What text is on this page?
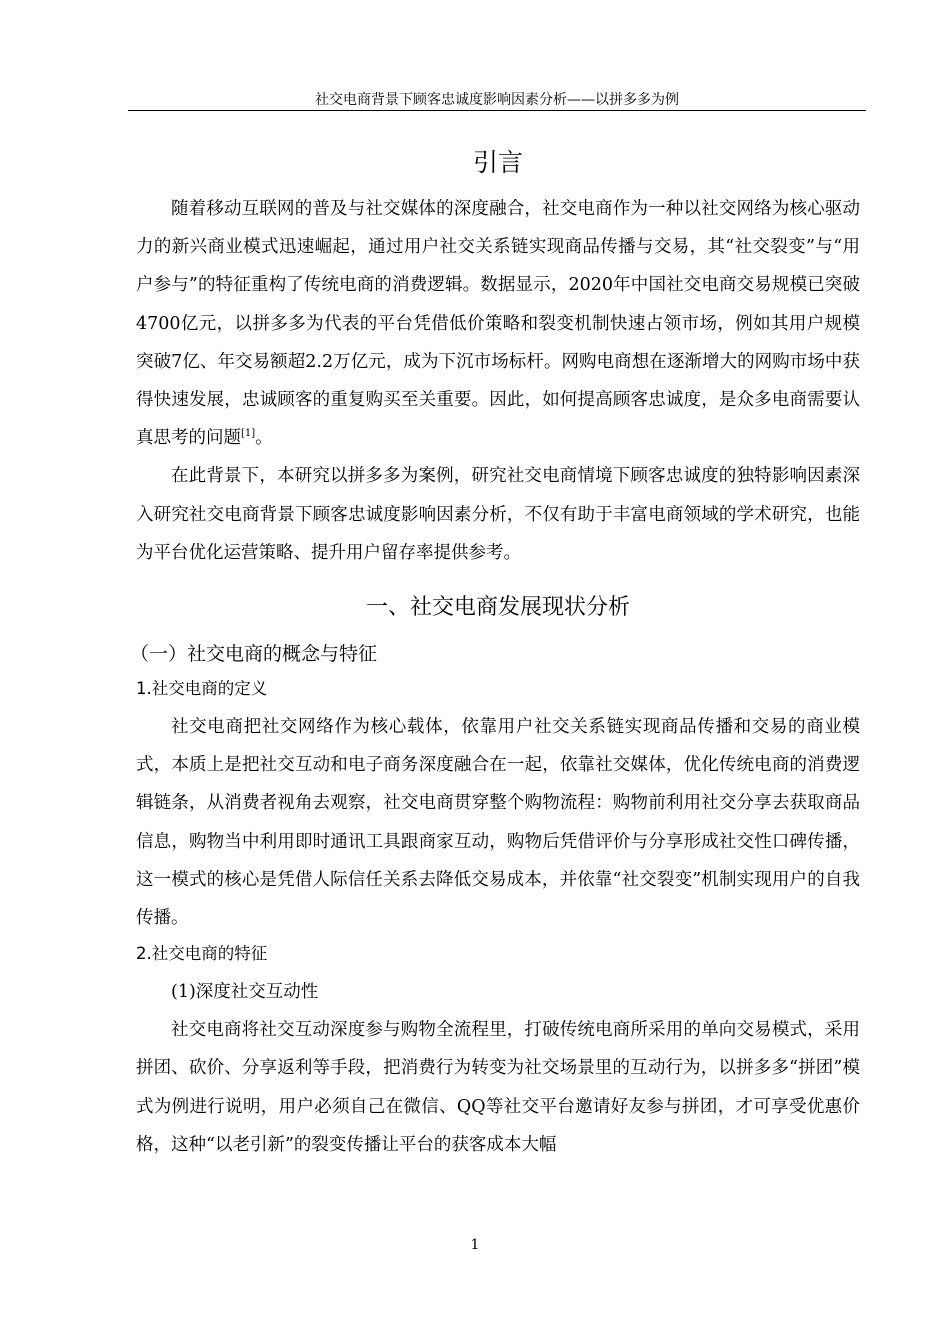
社交电商背景下顾客忠诚度影响因素分析——以拼多多为例
引言

随着移动互联网的普及与社交媒体的深度融合，社交电商作为一种以社交网络为核心驱动力的新兴商业模式迅速崛起，通过用户社交关系链实现商品传播与交易，其“社交裂变”与“用户参与”的特征重构了传统电商的消费逻辑。数据显示，2020年中国社交电商交易规模已突破4700亿元，以拼多多为代表的平台凭借低价策略和裂变机制快速占领市场，例如其用户规模突破7亿、年交易额超2.2万亿元，成为下沉市场标杆。网购电商想在逐渐增大的网购市场中获得快速发展，忠诚顾客的重复购买至关重要。因此，如何提高顾客忠诚度，是众多电商需要认真思考的问题[1]。

在此背景下，本研究以拼多多为案例，研究社交电商情境下顾客忠诚度的独特影响因素深入研究社交电商背景下顾客忠诚度影响因素分析，不仅有助于丰富电商领域的学术研究，也能为平台优化运营策略、提升用户留存率提供参考。

一、社交电商发展现状分析
（一）社交电商的概念与特征
1.社交电商的定义

社交电商把社交网络作为核心载体，依靠用户社交关系链实现商品传播和交易的商业模式，本质上是把社交互动和电子商务深度融合在一起，依靠社交媒体，优化传统电商的消费逻辑链条，从消费者视角去观察，社交电商贯穿整个购物流程：购物前利用社交分享去获取商品信息，购物当中利用即时通讯工具跟商家互动，购物后凭借评价与分享形成社交性口碑传播，这一模式的核心是凭借人际信任关系去降低交易成本，并依靠“社交裂变”机制实现用户的自我传播。

2.社交电商的特征

(1)深度社交互动性

社交电商将社交互动深度参与购物全流程里，打破传统电商所采用的单向交易模式，采用拼团、砍价、分享返利等手段，把消费行为转变为社交场景里的互动行为，以拼多多“拼团”模式为例进行说明，用户必须自己在微信、QQ等社交平台邀请好友参与拼团，才可享受优惠价格，这种“以老引新”的裂变传播让平台的获客成本大幅

1
